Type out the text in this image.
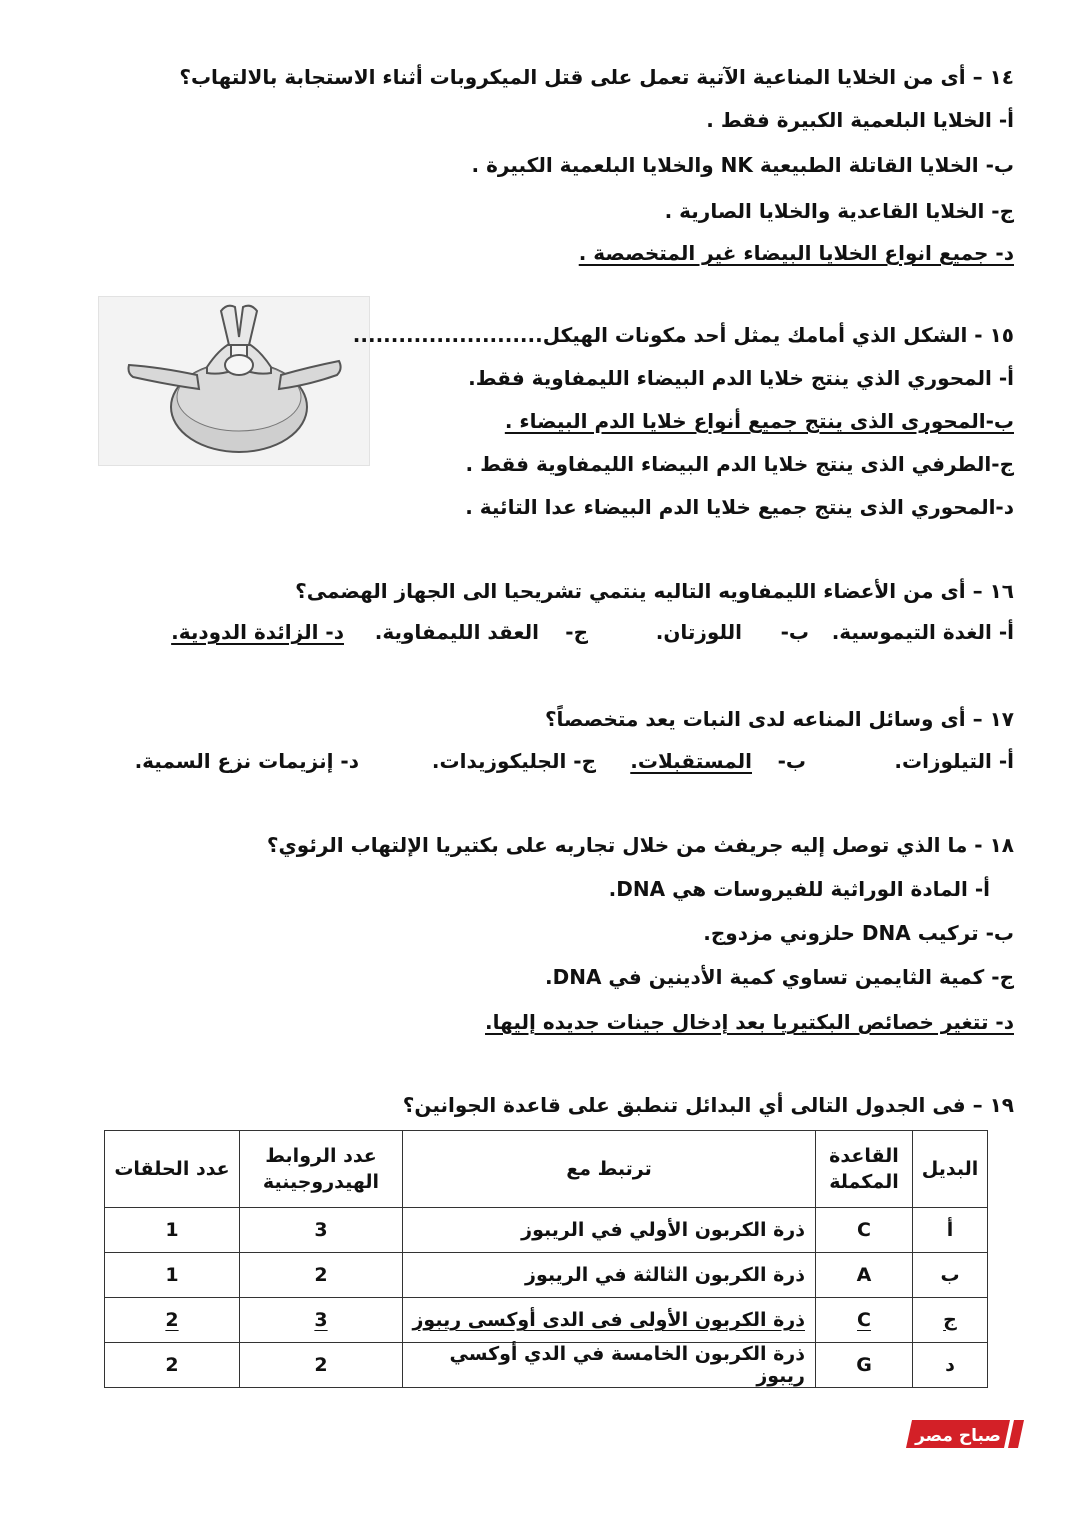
١٤ – أى من الخلايا المناعية الآتية تعمل على قتل الميكروبات أثناء الاستجابة بالالتهاب؟
أ- الخلايا البلعمية الكبيرة فقط .
ب- الخلايا القاتلة الطبيعية NK والخلايا البلعمية الكبيرة .
ج- الخلايا القاعدية والخلايا الصارية .
د- جميع انواع الخلايا البيضاء غير المتخصصة .
١٥ - الشكل الذي أمامك يمثل أحد مكونات الهيكل.........................
أ- المحوري الذي ينتج خلايا الدم البيضاء الليمفاوية فقط.
ب-المحورى الذى ينتج جميع أنواع خلايا الدم البيضاء .
ج-الطرفي الذى ينتج خلايا الدم البيضاء الليمفاوية فقط .
د-المحوري الذى ينتج جميع خلايا الدم البيضاء عدا التائية .
١٦ – أى من الأعضاء الليمفاويه التاليه ينتمي تشريحيا الى الجهاز الهضمى؟
أ- الغدة التيموسية.
ب-
اللوزتان.
ج-
العقد الليمفاوية.
د- الزائدة الدودية.
١٧ – أى وسائل المناعه لدى النبات يعد متخصصاً؟
أ- التيلوزات.
ب-
المستقبلات.
ج- الجليكوزيدات.
د- إنزيمات نزع السمية.
١٨ - ما الذي توصل إليه جريفث من خلال تجاربه على بكتيريا الإلتهاب الرئوي؟
أ- المادة الوراثية للفيروسات هي DNA.
ب- تركيب DNA حلزوني مزدوج.
ج- كمية الثايمين تساوي كمية الأدينين في DNA.
د- تتغير خصائص البكتيريا بعد إدخال جينات جديده إليها.
١٩ – فى الجدول التالى أي البدائل تنطبق على قاعدة الجوانين؟
البديل	القاعدة المكملة	ترتبط مع	عدد الروابط الهيدروجينية	عدد الحلقات
أ	C	ذرة الكربون الأولي في الريبوز	3	1
ب	A	ذرة الكربون الثالثة في الريبوز	2	1
ج	C	ذرة الكربون الأولى فى الدى أوكسى ريبوز	3	2
د	G	ذرة الكربون الخامسة في الدي أوكسي ريبوز	2	2
صباح مصر
